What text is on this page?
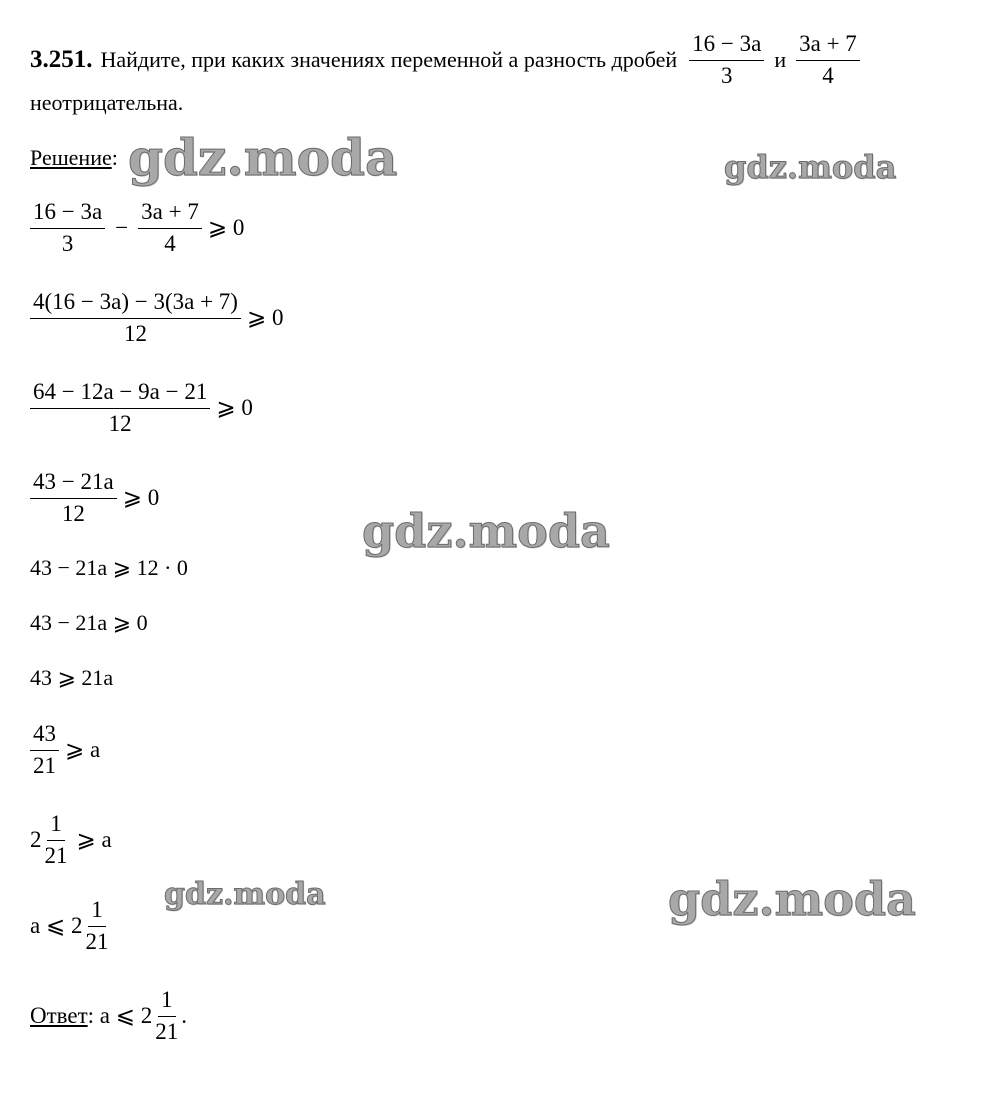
3.251. Найдите, при каких значениях переменной а разность дробей $\frac{16 - 3a}{3}$ и $\frac{3a + 7}{4}$
неотрицательна.
Решение:
$\frac{16 - 3a}{3} - \frac{3a + 7}{4}$ ⩾ 0
$\frac{4(16 - 3a) - 3(3a + 7)}{12}$ ⩾ 0
$\frac{64 - 12a - 9a - 21}{12}$ ⩾ 0
$\frac{43 - 21a}{12}$ ⩾ 0
43 − 21a ⩾ 12 · 0
43 − 21a ⩾ 0
43 ⩾ 21a
$\frac{43}{21}$ ⩾ a
$2 \frac{1}{21}$ ⩾ a
a ⩽ $2 \frac{1}{21}$
Ответ : a ⩽ $2 \frac{1}{21}$ .
gdz.moda	gdz.moda
gdz.moda
gdz.moda	gdz.moda
